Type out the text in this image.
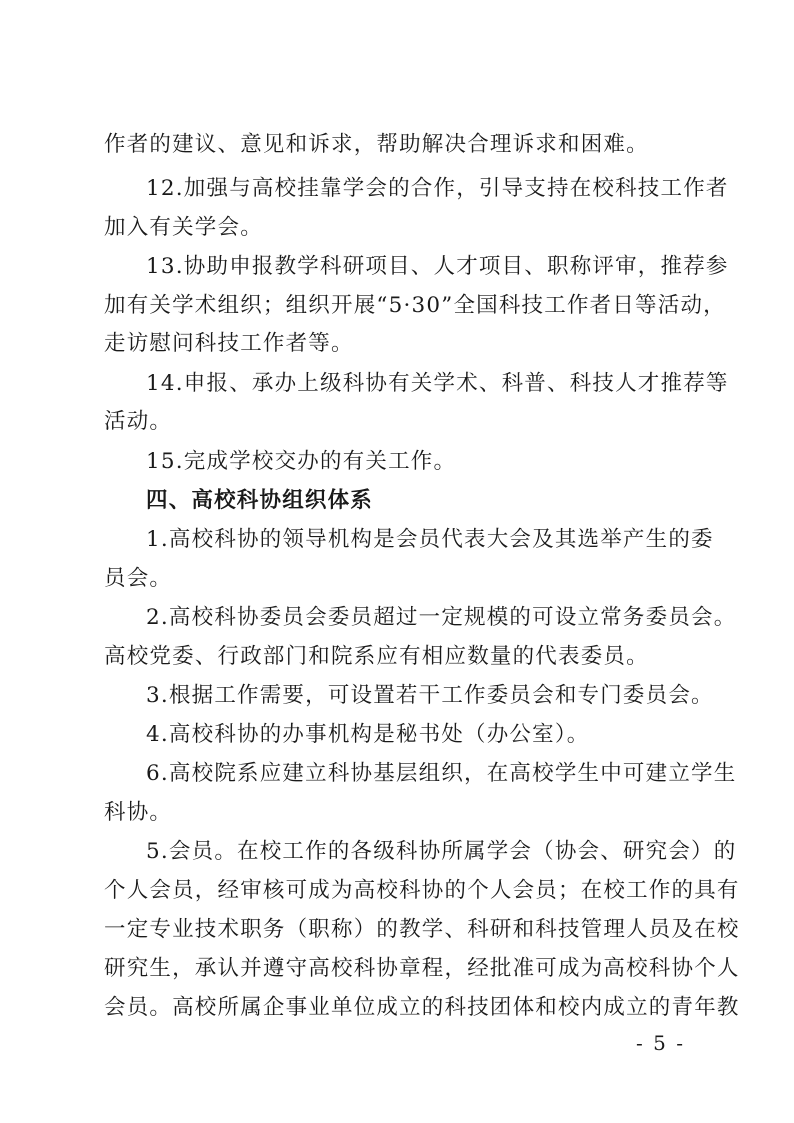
作者的建议、意见和诉求，帮助解决合理诉求和困难。
12.加强与高校挂靠学会的合作，引导支持在校科技工作者
加入有关学会。
13.协助申报教学科研项目、人才项目、职称评审，推荐参
加有关学术组织；组织开展“5·30”全国科技工作者日等活动，
走访慰问科技工作者等。
14.申报、承办上级科协有关学术、科普、科技人才推荐等
活动。
15.完成学校交办的有关工作。
四、高校科协组织体系
1.高校科协的领导机构是会员代表大会及其选举产生的委
员会。
2.高校科协委员会委员超过一定规模的可设立常务委员会。
高校党委、行政部门和院系应有相应数量的代表委员。
3.根据工作需要，可设置若干工作委员会和专门委员会。
4.高校科协的办事机构是秘书处（办公室）。
6.高校院系应建立科协基层组织，在高校学生中可建立学生
科协。
5.会员。在校工作的各级科协所属学会（协会、研究会）的
个人会员，经审核可成为高校科协的个人会员；在校工作的具有
一定专业技术职务（职称）的教学、科研和科技管理人员及在校
研究生，承认并遵守高校科协章程，经批准可成为高校科协个人
会员。高校所属企事业单位成立的科技团体和校内成立的青年教
- 5 -
